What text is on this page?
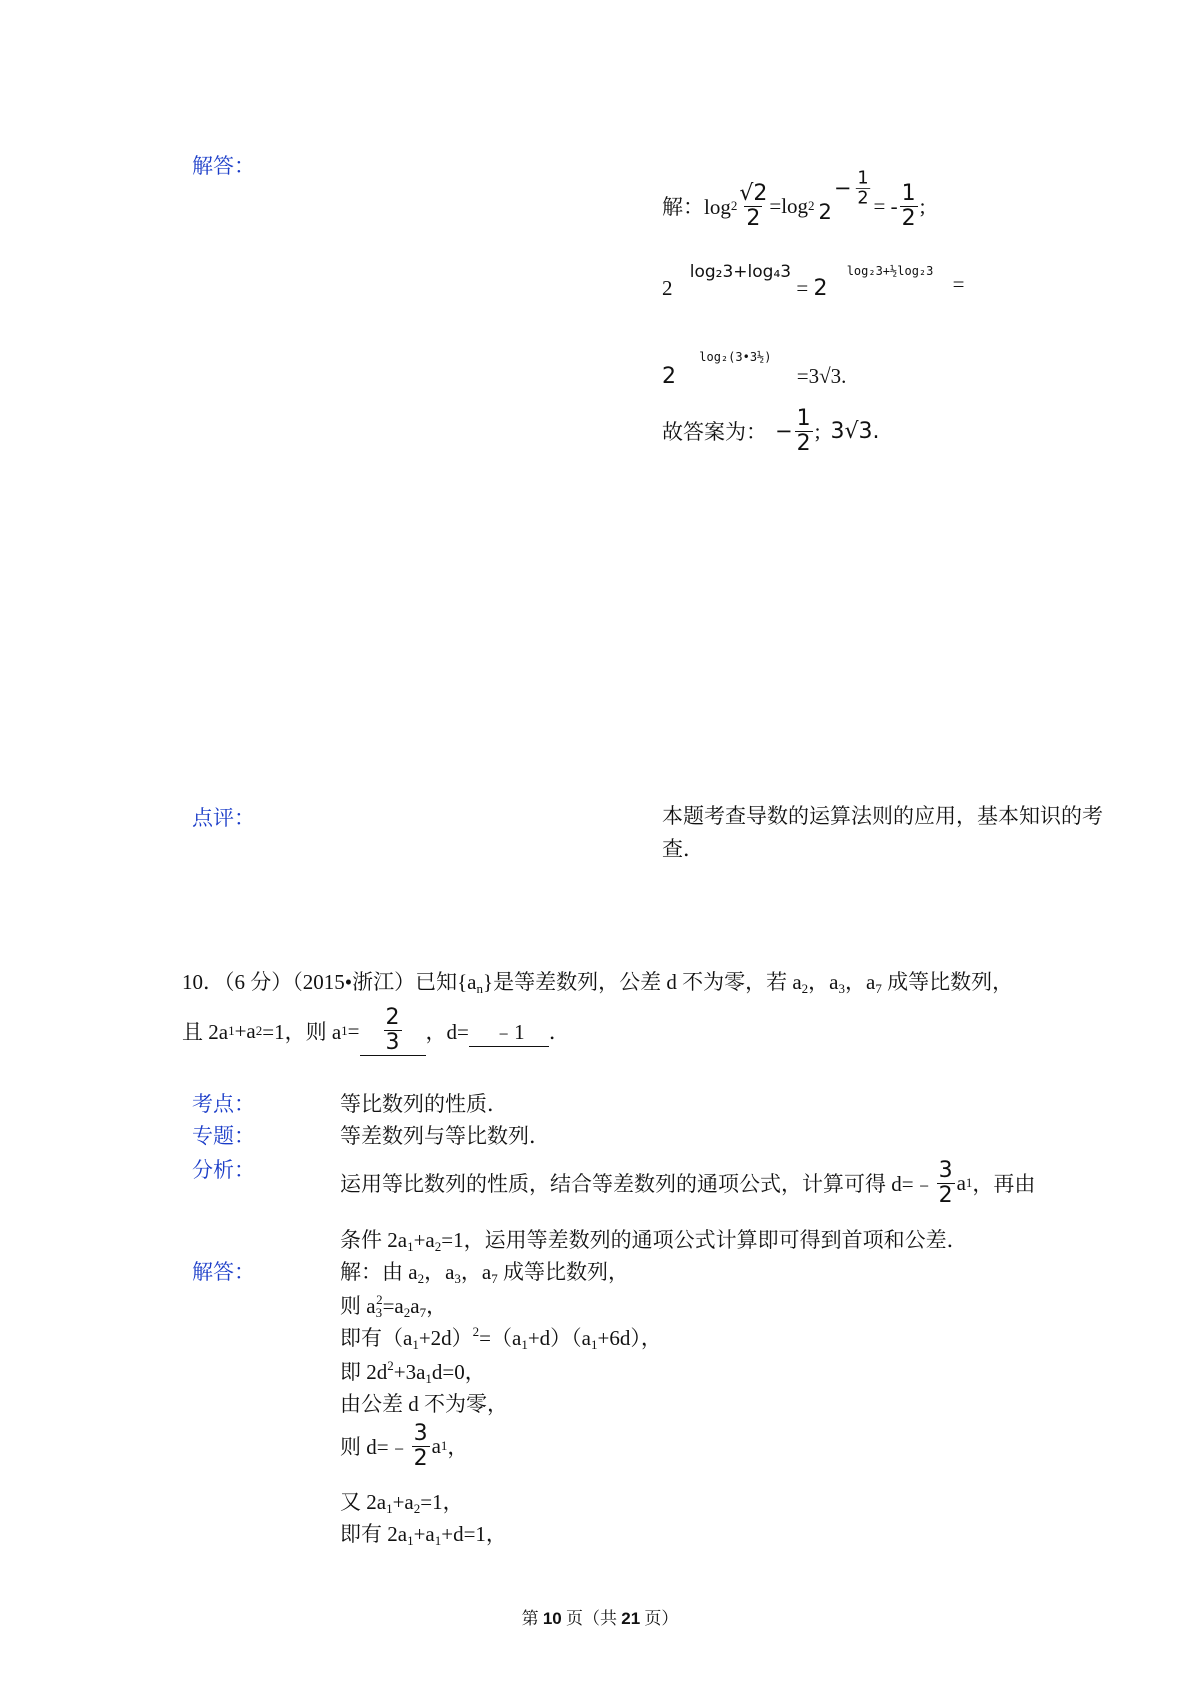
解答：
解：$\log 2 \frac{√2}{2} =\log$ 2 2
− $\frac{1}{2}$ = - $\frac{1}{2}$ ;
2 log₂3+log₄3 = 2 $^{log_23+\frac{1}{2}log_23}$ =
2 log₂(3•3½) =3√3.
故答案为： − $\frac{1}{2}$ ; 3√3.
点评：	本题考查导数的运算法则的应用，基本知识的考
查．
10．（6 分）（2015•浙江）已知$\{a_n\}$是等差数列，公差 d 不为零，若 $a_2$，$a_3$，$a_7$ 成等比数列，
且 2a 1 +a 2 =1，则 a $1 = \frac{2}{3}$ ，d=	﹣1	．
考点：	等比数列的性质．
专题：	等差数列与等比数列．
分析：
运用等比数列的性质，结合等差数列的通项公式，计算可得 d=﹣ $\frac{3}{2}$ a 1 ，再由
条件 $2a_1+a_2=1$，运用等差数列的通项公式计算即可得到首项和公差．
解答：	解：由 $a_2$，$a_3$，$a_7$ 成等比数列，
则 $a_3^2=a_2a_7$，
即有$(a_1+2d)^2=(a_1+d)(a_1+6d)$，
即 $2d^2+3a_1d=0$，
由公差 d 不为零，
则 d=﹣ $\frac{3}{2}$ a 1 ，
又 $2a_1+a_2=1$，
即有 $2a_1+a_1+d=1$，
第 10 页（共 21 页）
